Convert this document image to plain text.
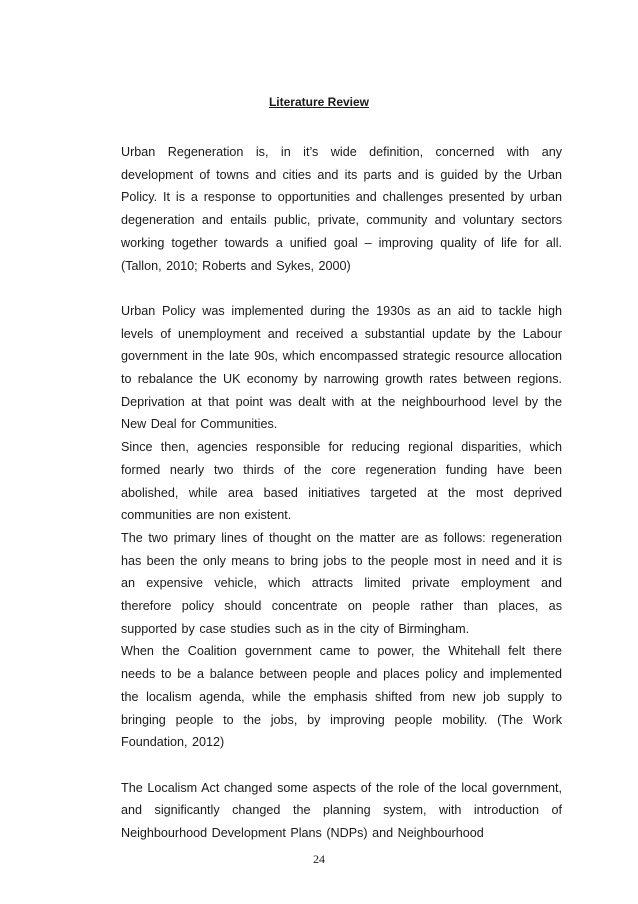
Literature Review

Urban Regeneration is, in it’s wide definition, concerned with any development of towns and cities and its parts and is guided by the Urban Policy. It is a response to opportunities and challenges presented by urban degeneration and entails public, private, community and voluntary sectors working together towards a unified goal – improving quality of life for all. (Tallon, 2010; Roberts and Sykes, 2000)

Urban Policy was implemented during the 1930s as an aid to tackle high levels of unemployment and received a substantial update by the Labour government in the late 90s, which encompassed strategic resource allocation to rebalance the UK economy by narrowing growth rates between regions. Deprivation at that point was dealt with at the neighbourhood level by the New Deal for Communities.

Since then, agencies responsible for reducing regional disparities, which formed nearly two thirds of the core regeneration funding have been abolished, while area based initiatives targeted at the most deprived communities are non existent.

The two primary lines of thought on the matter are as follows: regeneration has been the only means to bring jobs to the people most in need and it is an expensive vehicle, which attracts limited private employment and therefore policy should concentrate on people rather than places, as supported by case studies such as in the city of Birmingham.

When the Coalition government came to power, the Whitehall felt there needs to be a balance between people and places policy and implemented the localism agenda, while the emphasis shifted from new job supply to bringing people to the jobs, by improving people mobility. (The Work Foundation, 2012)

The Localism Act changed some aspects of the role of the local government, and significantly changed the planning system, with introduction of Neighbourhood Development Plans (NDPs) and Neighbourhood

24
